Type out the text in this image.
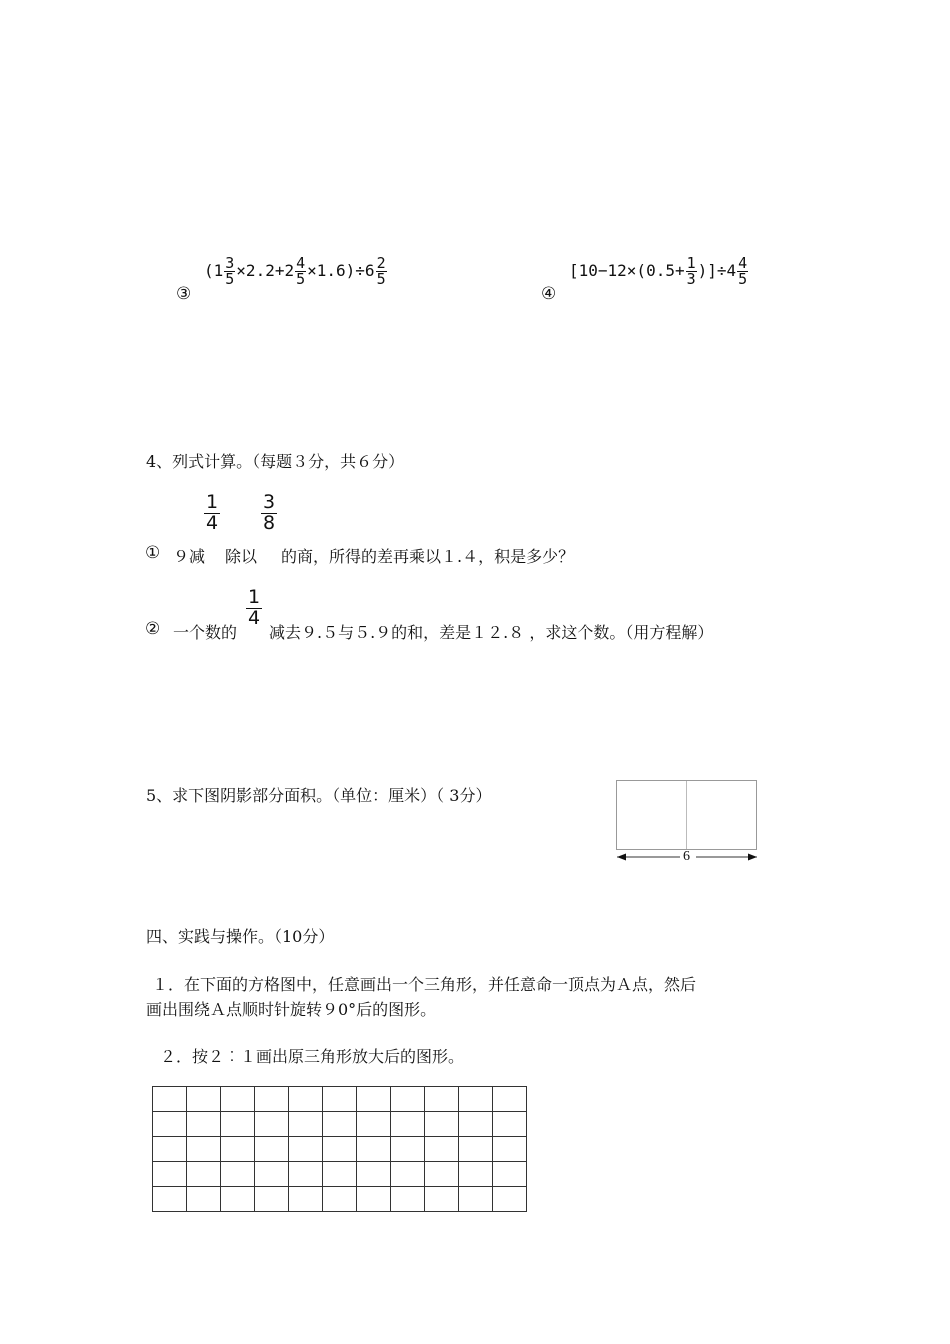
③
$(1 \frac{3}{5} \times 2.2+2 \frac{4}{5} \times 1.6)\div 6 \frac{2}{5}$
④
$[10-12\times(0.5+ \frac{1}{3} )]\div 4 \frac{4}{5}$
4、列式计算。（每题３分，共６分）
$\frac{1}{4} \frac{3}{8}$
① ９减 除以 的商，所得的差再乘以１.４，积是多少？
② 一个数的
$\frac{1}{4}$
减去９.５与５.９的和，差是１２.８ ，求这个数。（用方程解）
5、求下图阴影部分面积。（单位：厘米）（ 3分）
6
四、实践与操作。（10分）
１．在下面的方格图中，任意画出一个三角形，并任意命一顶点为Ａ点，然后
画出围绕Ａ点顺时针旋转９0°后的图形。
２．按２︰１画出原三角形放大后的图形。
